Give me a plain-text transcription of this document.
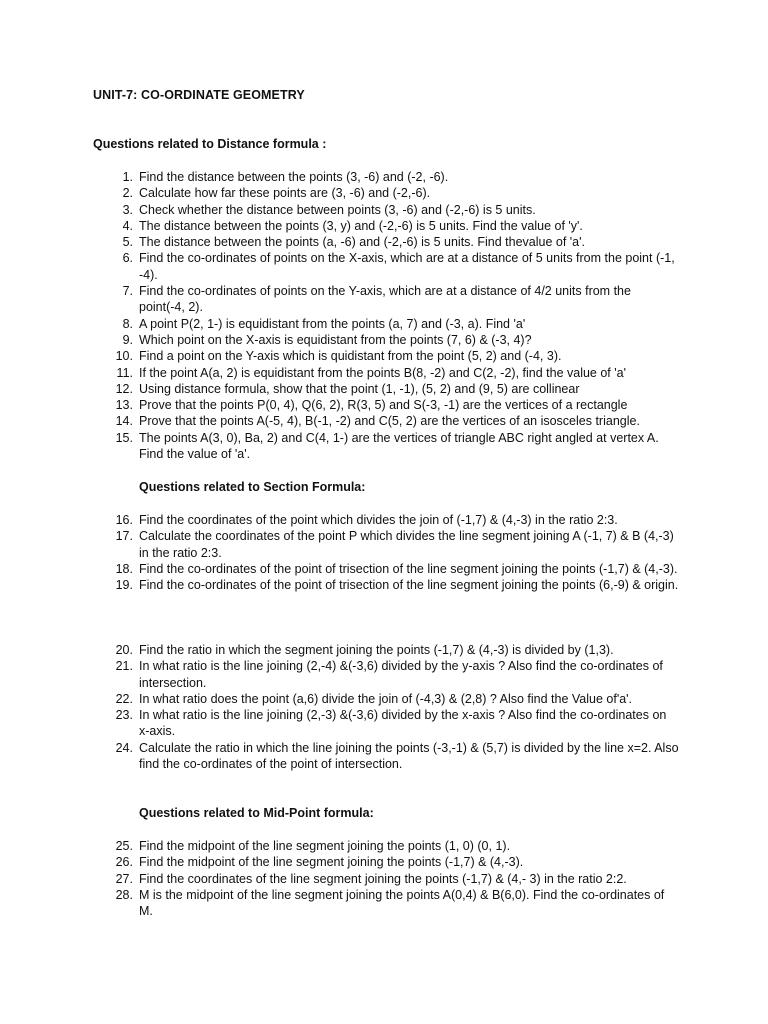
UNIT-7: CO-ORDINATE GEOMETRY
Questions related to Distance formula :
1. Find the distance between the points (3, -6) and (-2, -6).
2. Calculate how far these points are (3, -6) and (-2,-6).
3. Check whether the distance between points (3, -6) and (-2,-6) is 5 units.
4. The distance between the points (3, y) and (-2,-6) is 5 units. Find the value of 'y'.
5. The distance between the points (a, -6) and (-2,-6) is 5 units. Find thevalue of 'a'.
6. Find the co-ordinates of points on the X-axis, which are at a distance of 5 units from the point (-1, -4).
7. Find the co-ordinates of points on the Y-axis, which are at a distance of 4/2 units from the point(-4, 2).
8. A point P(2, 1-) is equidistant from the points (a, 7) and (-3, a). Find 'a'
9. Which point on the X-axis is equidistant from the points (7, 6) & (-3, 4)?
10. Find a point on the Y-axis which is quidistant from the point (5, 2) and (-4, 3).
11. If the point A(a, 2) is equidistant from the points B(8, -2) and C(2, -2), find the value of 'a'
12. Using distance formula, show that the point (1, -1), (5, 2) and (9, 5) are collinear
13. Prove that the points P(0, 4), Q(6, 2), R(3, 5) and S(-3, -1) are the vertices of a rectangle
14. Prove that the points A(-5, 4), B(-1, -2) and C(5, 2) are the vertices of an isosceles triangle.
15. The points A(3, 0), Ba, 2) and C(4, 1-) are the vertices of triangle ABC right angled at vertex A. Find the value of 'a'.
Questions related to Section Formula:
16. Find the coordinates of the point which divides the join of (-1,7) & (4,-3) in the ratio 2:3.
17. Calculate the coordinates of the point P which divides the line segment joining A (-1, 7) & B (4,-3) in the ratio 2:3.
18. Find the co-ordinates of the point of trisection of the line segment joining the points (-1,7) & (4,-3).
19. Find the co-ordinates of the point of trisection of the line segment joining the points (6,-9) & origin.
20. Find the ratio in which the segment joining the points (-1,7) & (4,-3) is divided by (1,3).
21. In what ratio is the line joining (2,-4) &(-3,6) divided by the y-axis ? Also find the co-ordinates of intersection.
22. In what ratio does the point (a,6) divide the join of (-4,3) & (2,8) ? Also find the Value of'a'.
23. In what ratio is the line joining (2,-3) &(-3,6) divided by the x-axis ? Also find the co-ordinates on x-axis.
24. Calculate the ratio in which the line joining the points (-3,-1) & (5,7) is divided by the line x=2. Also find the co-ordinates of the point of intersection.
Questions related to Mid-Point formula:
25. Find the midpoint of the line segment joining the points (1, 0) (0, 1).
26. Find the midpoint of the line segment joining the points (-1,7) & (4,-3).
27. Find the coordinates of the line segment joining the points (-1,7) & (4,- 3) in the ratio 2:2.
28. M is the midpoint of the line segment joining the points A(0,4) & B(6,0). Find the co-ordinates of M.
